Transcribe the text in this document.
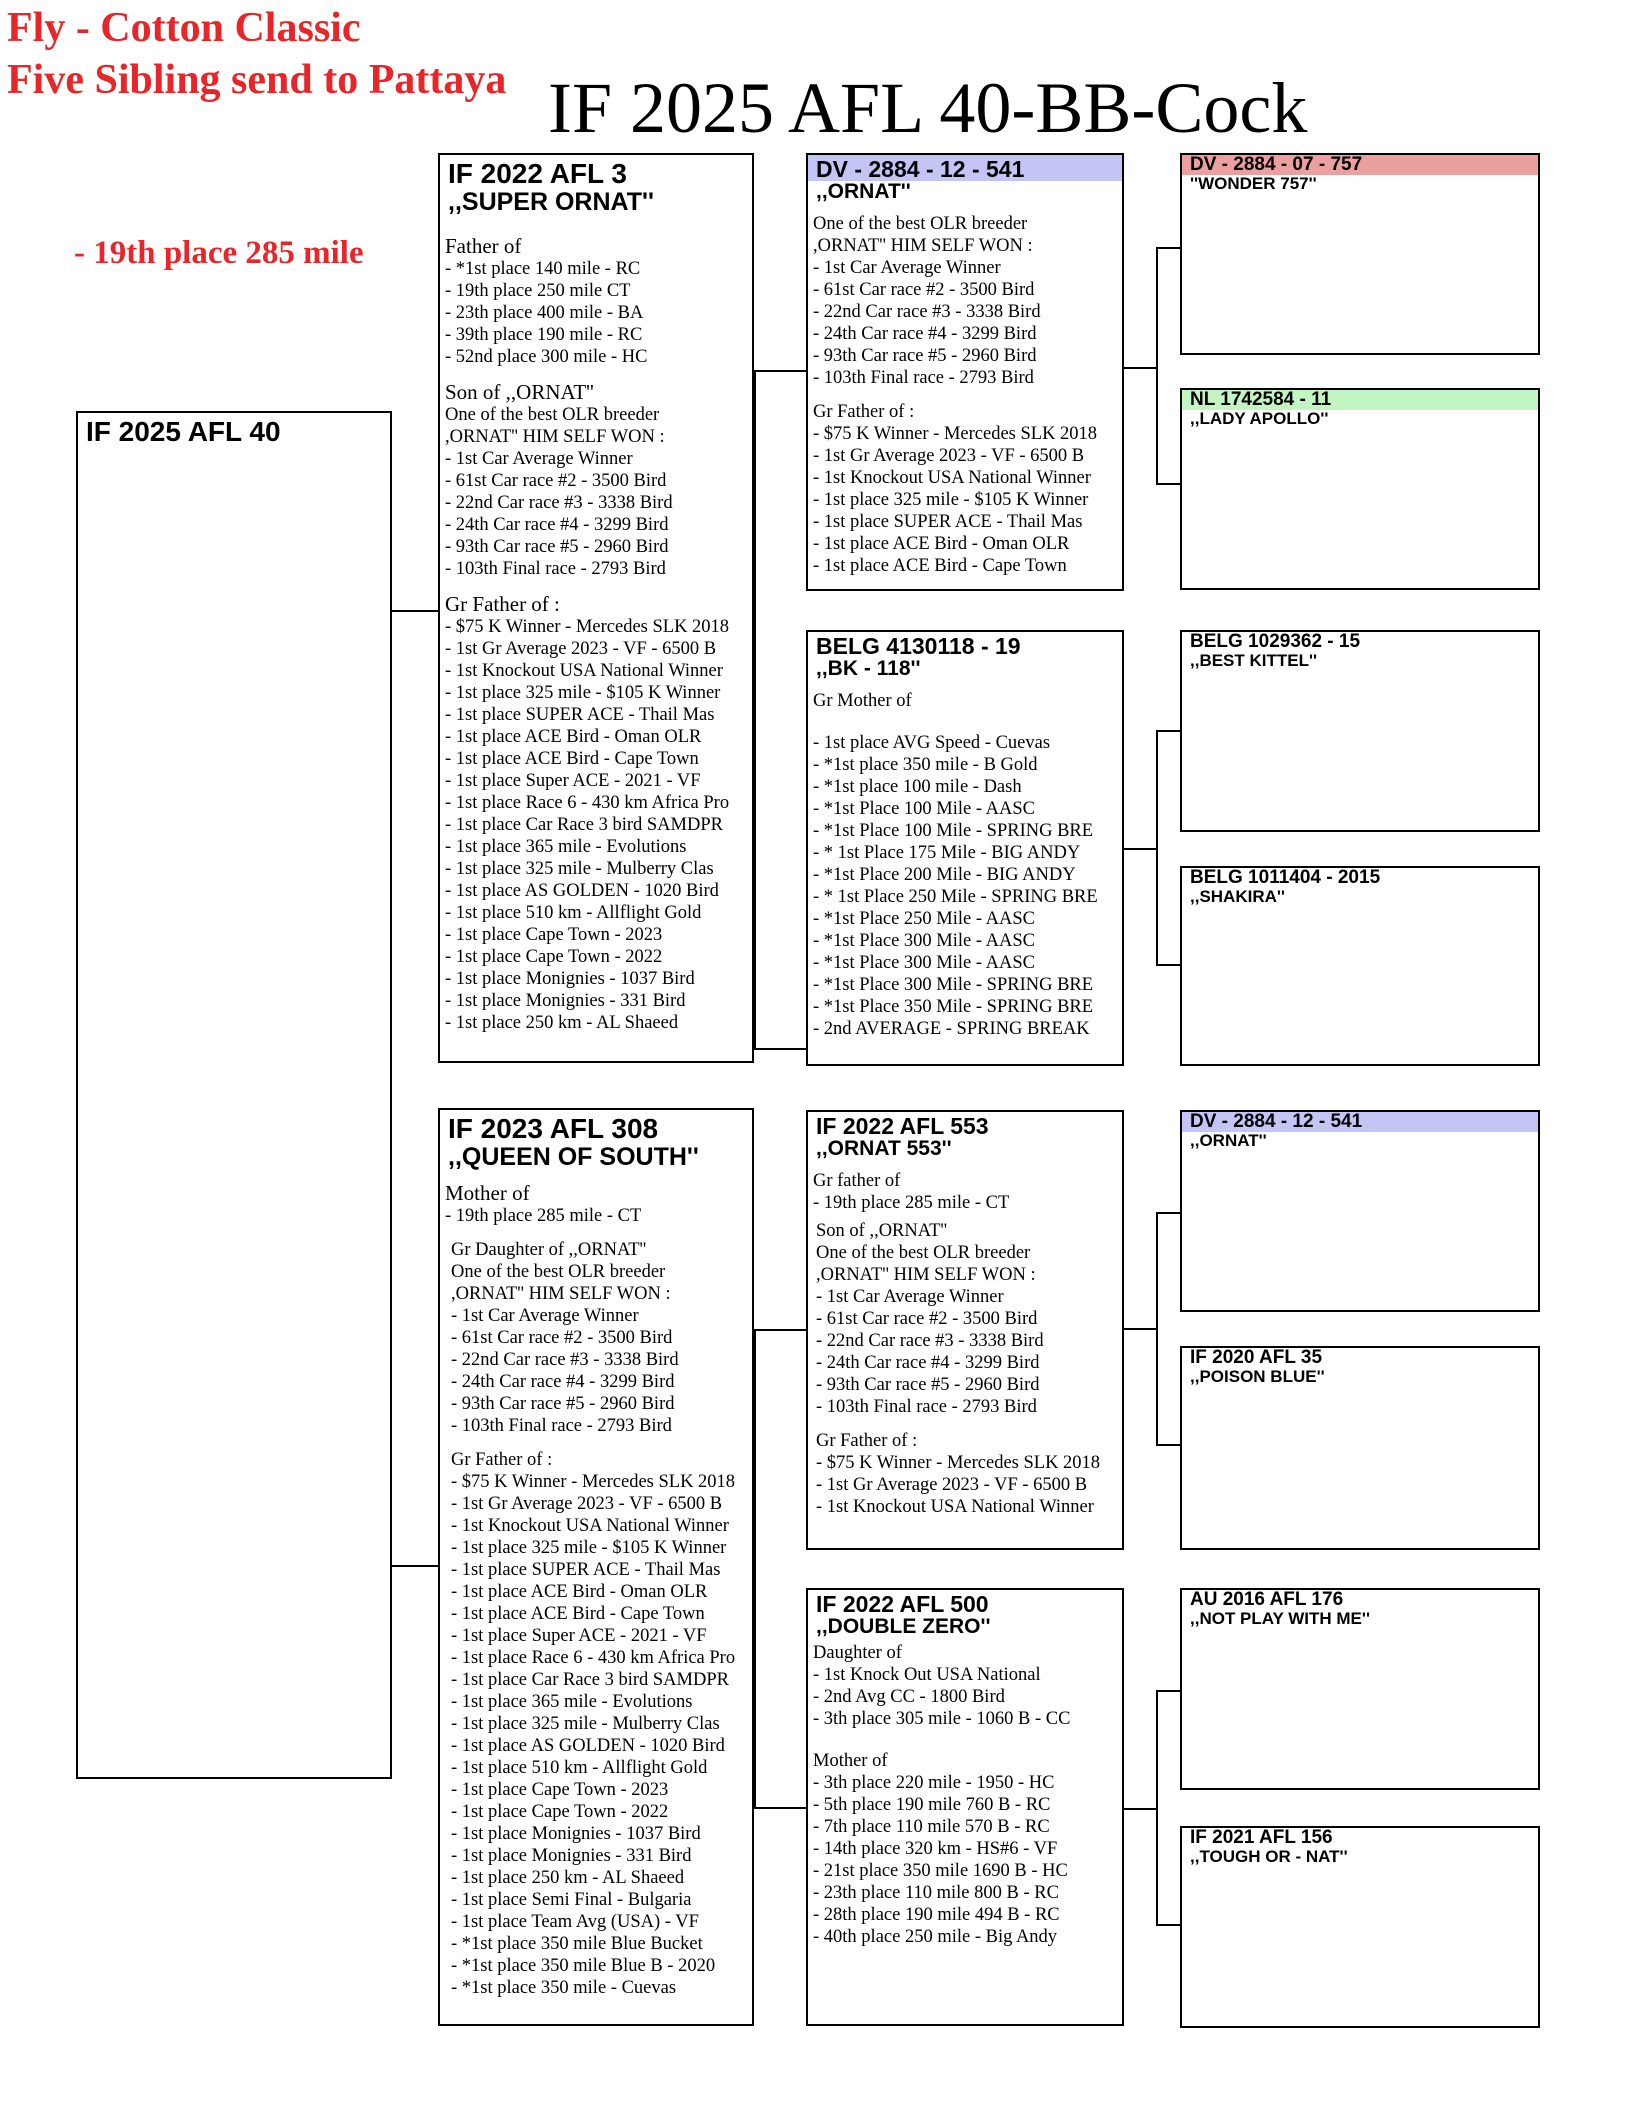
Fly - Cotton Classic
Five Sibling send to Pattaya IF 2025 AFL 40-BB-Cock
- 19th place 285 mile
IF 2025 AFL 40
IF 2022 AFL 3
,,SUPER ORNAT''
Father of
- *1st place 140 mile - RC
- 19th place 250 mile CT
- 23th place 400 mile - BA
- 39th place 190 mile - RC
- 52nd place 300 mile - HC
Son of ,,ORNAT''
One of the best OLR breeder
,ORNAT'' HIM SELF WON :
- 1st Car Average Winner
- 61st Car race #2 - 3500 Bird
- 22nd Car race #3 - 3338 Bird
- 24th Car race #4 - 3299 Bird
- 93th Car race #5 - 2960 Bird
- 103th Final race - 2793 Bird
Gr Father of :
- $75 K Winner - Mercedes SLK 2018
- 1st Gr Average 2023 - VF - 6500 B
- 1st Knockout USA National Winner
- 1st place 325 mile - $105 K Winner
- 1st place SUPER ACE - Thail Mas
- 1st place ACE Bird - Oman OLR
- 1st place ACE Bird - Cape Town
- 1st place Super ACE - 2021 - VF
- 1st place Race 6 - 430 km Africa Pro
- 1st place Car Race 3 bird SAMDPR
- 1st place 365 mile - Evolutions
- 1st place 325 mile - Mulberry Clas
- 1st place AS GOLDEN - 1020 Bird
- 1st place 510 km - Allflight Gold
- 1st place Cape Town - 2023
- 1st place Cape Town - 2022
- 1st place Monignies - 1037 Bird
- 1st place Monignies - 331 Bird
- 1st place 250 km - AL Shaeed
IF 2023 AFL 308
,,QUEEN OF SOUTH''
Mother of
- 19th place 285 mile - CT
Gr Daughter of ,,ORNAT''
One of the best OLR breeder
,ORNAT'' HIM SELF WON :
- 1st Car Average Winner
- 61st Car race #2 - 3500 Bird
- 22nd Car race #3 - 3338 Bird
- 24th Car race #4 - 3299 Bird
- 93th Car race #5 - 2960 Bird
- 103th Final race - 2793 Bird
Gr Father of :
- $75 K Winner - Mercedes SLK 2018
- 1st Gr Average 2023 - VF - 6500 B
- 1st Knockout USA National Winner
- 1st place 325 mile - $105 K Winner
- 1st place SUPER ACE - Thail Mas
- 1st place ACE Bird - Oman OLR
- 1st place ACE Bird - Cape Town
- 1st place Super ACE - 2021 - VF
- 1st place Race 6 - 430 km Africa Pro
- 1st place Car Race 3 bird SAMDPR
- 1st place 365 mile - Evolutions
- 1st place 325 mile - Mulberry Clas
- 1st place AS GOLDEN - 1020 Bird
- 1st place 510 km - Allflight Gold
- 1st place Cape Town - 2023
- 1st place Cape Town - 2022
- 1st place Monignies - 1037 Bird
- 1st place Monignies - 331 Bird
- 1st place 250 km - AL Shaeed
- 1st place Semi Final - Bulgaria
- 1st place Team Avg (USA) - VF
- *1st place 350 mile Blue Bucket
- *1st place 350 mile Blue B - 2020
- *1st place 350 mile - Cuevas
DV - 2884 - 12 - 541
,,ORNAT''
One of the best OLR breeder
,ORNAT'' HIM SELF WON :
- 1st Car Average Winner
- 61st Car race #2 - 3500 Bird
- 22nd Car race #3 - 3338 Bird
- 24th Car race #4 - 3299 Bird
- 93th Car race #5 - 2960 Bird
- 103th Final race - 2793 Bird
Gr Father of :
- $75 K Winner - Mercedes SLK 2018
- 1st Gr Average 2023 - VF - 6500 B
- 1st Knockout USA National Winner
- 1st place 325 mile - $105 K Winner
- 1st place SUPER ACE - Thail Mas
- 1st place ACE Bird - Oman OLR
- 1st place ACE Bird - Cape Town
BELG 4130118 - 19
,,BK - 118''
Gr Mother of
- 1st place AVG Speed - Cuevas
- *1st place 350 mile - B Gold
- *1st place 100 mile - Dash
- *1st Place 100 Mile - AASC
- *1st Place 100 Mile - SPRING BRE
- * 1st Place 175 Mile - BIG ANDY
- *1st Place 200 Mile - BIG ANDY
- * 1st Place 250 Mile - SPRING BRE
- *1st Place 250 Mile - AASC
- *1st Place 300 Mile - AASC
- *1st Place 300 Mile - AASC
- *1st Place 300 Mile - SPRING BRE
- *1st Place 350 Mile - SPRING BRE
- 2nd AVERAGE - SPRING BREAK
IF 2022 AFL 553
,,ORNAT 553''
Gr father of
- 19th place 285 mile - CT
Son of ,,ORNAT''
One of the best OLR breeder
,ORNAT'' HIM SELF WON :
- 1st Car Average Winner
- 61st Car race #2 - 3500 Bird
- 22nd Car race #3 - 3338 Bird
- 24th Car race #4 - 3299 Bird
- 93th Car race #5 - 2960 Bird
- 103th Final race - 2793 Bird
Gr Father of :
- $75 K Winner - Mercedes SLK 2018
- 1st Gr Average 2023 - VF - 6500 B
- 1st Knockout USA National Winner
IF 2022 AFL 500
,,DOUBLE ZERO''
Daughter of
- 1st Knock Out USA National
- 2nd Avg CC - 1800 Bird
- 3th place 305 mile - 1060 B - CC
Mother of
- 3th place 220 mile - 1950 - HC
- 5th place 190 mile 760 B - RC
- 7th place 110 mile 570 B - RC
- 14th place 320 km - HS#6 - VF
- 21st place 350 mile 1690 B - HC
- 23th place 110 mile 800 B - RC
- 28th place 190 mile 494 B - RC
- 40th place 250 mile - Big Andy
DV - 2884 - 07 - 757
''WONDER 757''
NL 1742584 - 11
,,LADY APOLLO''
BELG 1029362 - 15
,,BEST KITTEL''
BELG 1011404 - 2015
,,SHAKIRA''
DV - 2884 - 12 - 541
,,ORNAT''
IF 2020 AFL 35
,,POISON BLUE''
AU 2016 AFL 176
,,NOT PLAY WITH ME''
IF 2021 AFL 156
,,TOUGH OR - NAT''
